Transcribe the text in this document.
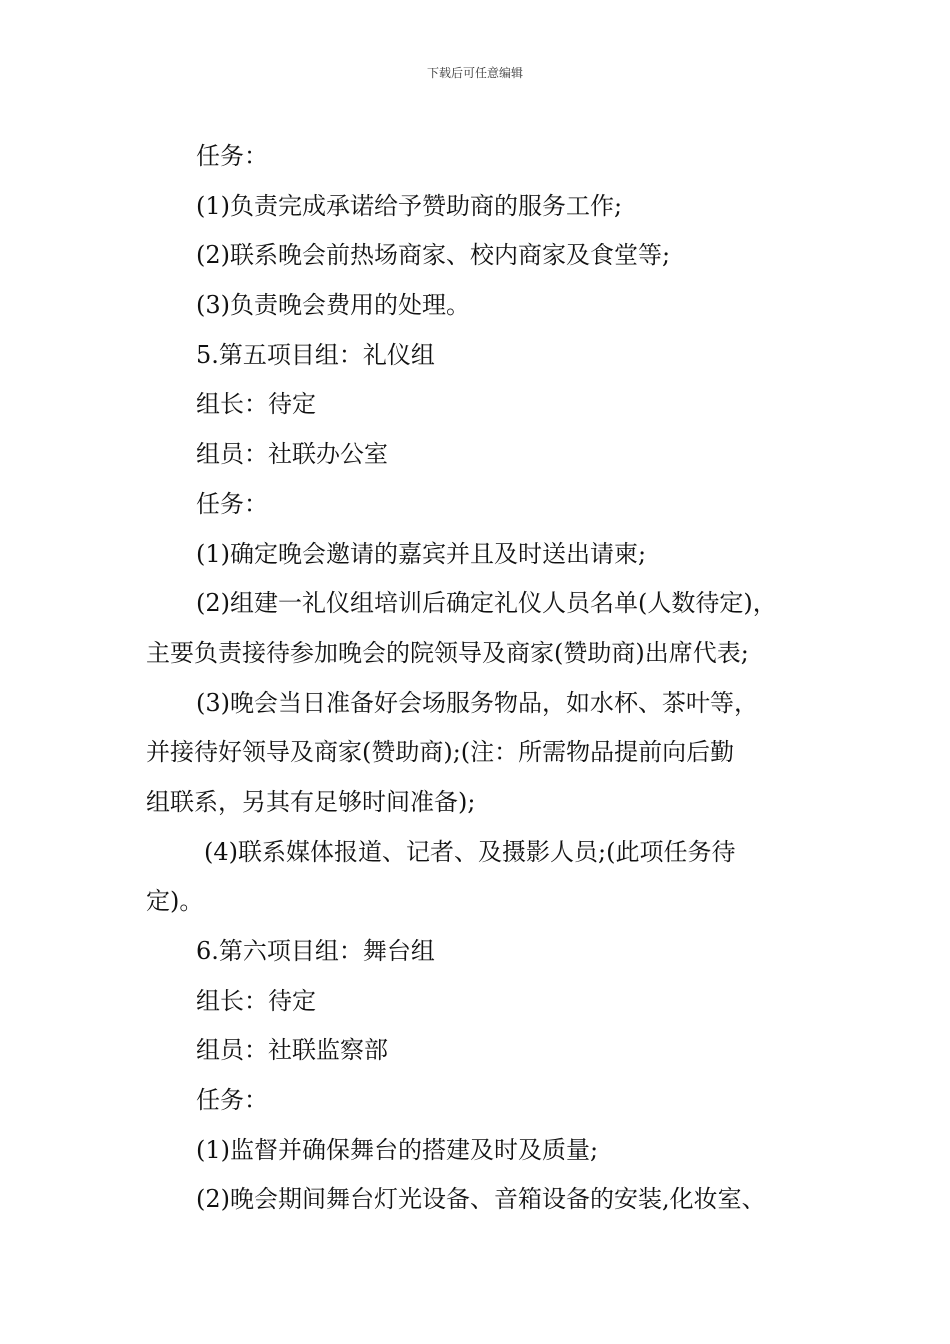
下载后可任意编辑
任务：
(1)负责完成承诺给予赞助商的服务工作;
(2)联系晚会前热场商家、校内商家及食堂等;
(3)负责晚会费用的处理。
5.第五项目组：礼仪组
组长：待定
组员：社联办公室
任务：
(1)确定晚会邀请的嘉宾并且及时送出请柬;
(2)组建一礼仪组培训后确定礼仪人员名单(人数待定)，
主要负责接待参加晚会的院领导及商家(赞助商)出席代表;
(3)晚会当日准备好会场服务物品，如水杯、茶叶等，
并接待好领导及商家(赞助商);(注：所需物品提前向后勤
组联系，另其有足够时间准备);
(4)联系媒体报道、记者、及摄影人员;(此项任务待
定)。
6.第六项目组：舞台组
组长：待定
组员：社联监察部
任务：
(1)监督并确保舞台的搭建及时及质量;
(2)晚会期间舞台灯光设备、音箱设备的安装,化妆室、
